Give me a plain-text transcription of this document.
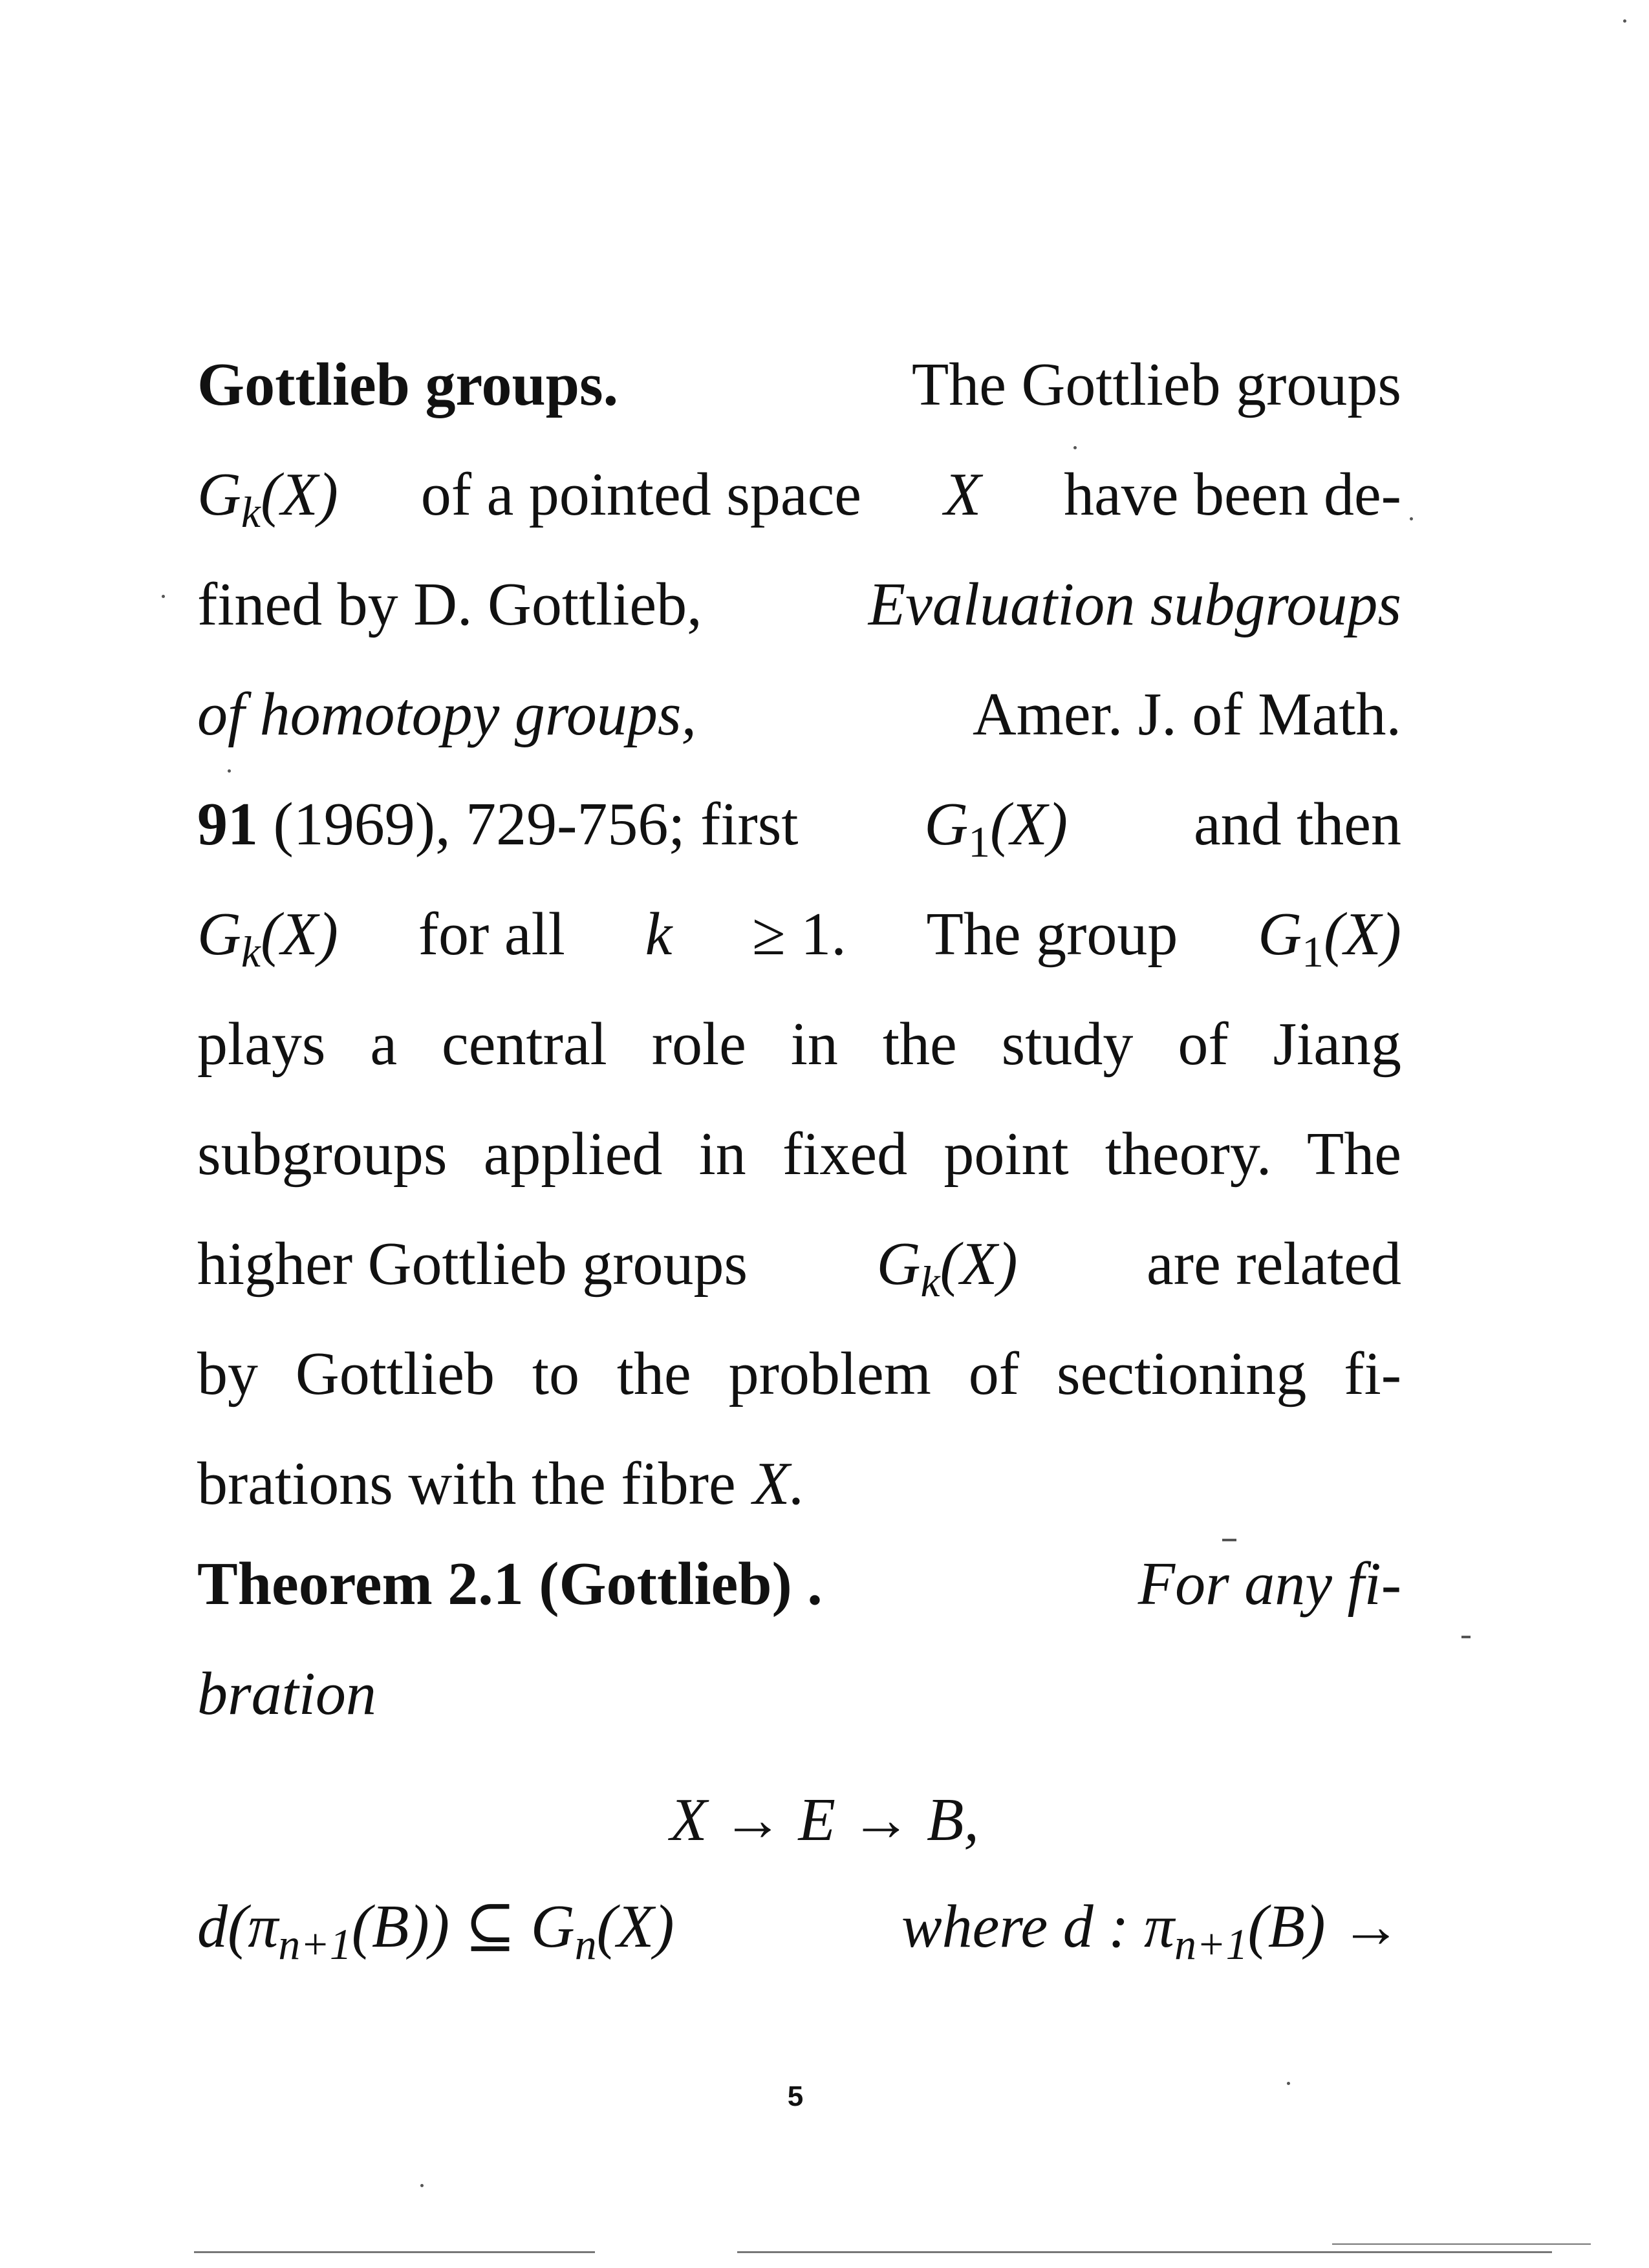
Gottlieb groups.	The Gottlieb groups
$G_k(X)$ of a pointed space X have been de-
fined by D. Gottlieb,	Evaluation subgroups
of homotopy groups,	Amer. J. of Math.
91 (1969), 729-756; first $G_1(X)$ and then
$G_k(X)$ for all k ≥ 1. The group $G_1(X)$
plays a central role in the study of Jiang
subgroups applied in fixed point theory. The
higher Gottlieb groups $G_k(X)$ are related
by Gottlieb to the problem of sectioning fi-
brations with the fibre X.
Theorem 2.1 (Gottlieb) .	For any fi-
bration
X → E → B,
$d(\pi_{n+1}(B))$ ⊆ $G_n(X)$	where d : $\pi_{n+1}(B)$ →
5
